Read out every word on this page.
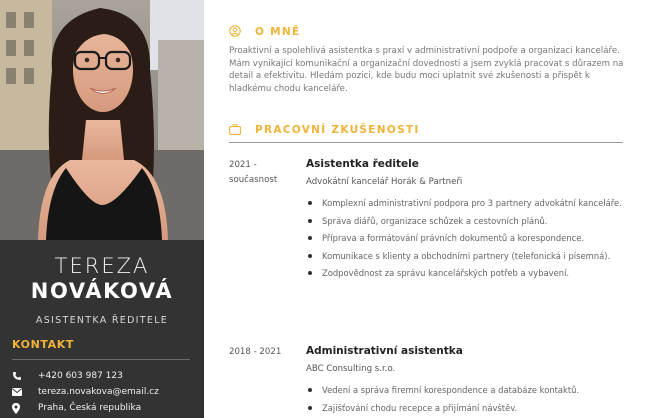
TEREZA
NOVÁKOVÁ
ASISTENTKA ŘEDITELE
KONTAKT
+420 603 987 123
tereza.novakova@email.cz
Praha, Česká republika
O MNĚ

Proaktivní a spolehlivá asistentka s praxí v administrativní podpoře a organizaci kanceláře. Mám vynikající komunikační a organizační dovednosti a jsem zvyklá pracovat s důrazem na detail a efektivitu. Hledám pozici, kde budu moci uplatnit své zkušenosti a přispět k hladkému chodu kanceláře.

PRACOVNÍ ZKUŠENOSTI
2021 -
současnost
Asistentka ředitele
Advokátní kancelář Horák & Partneři
Komplexní administrativní podpora pro 3 partnery advokátní kanceláře.
Správa diářů, organizace schůzek a cestovních plánů.
Příprava a formátování právních dokumentů a korespondence.
Komunikace s klienty a obchodními partnery (telefonická i písemná).
Zodpovědnost za správu kancelářských potřeb a vybavení.
2018 - 2021	Administrativní asistentka
ABC Consulting s.r.o.
Vedení a správa firemní korespondence a databáze kontaktů.
Zajišťování chodu recepce a přijímání návštěv.
